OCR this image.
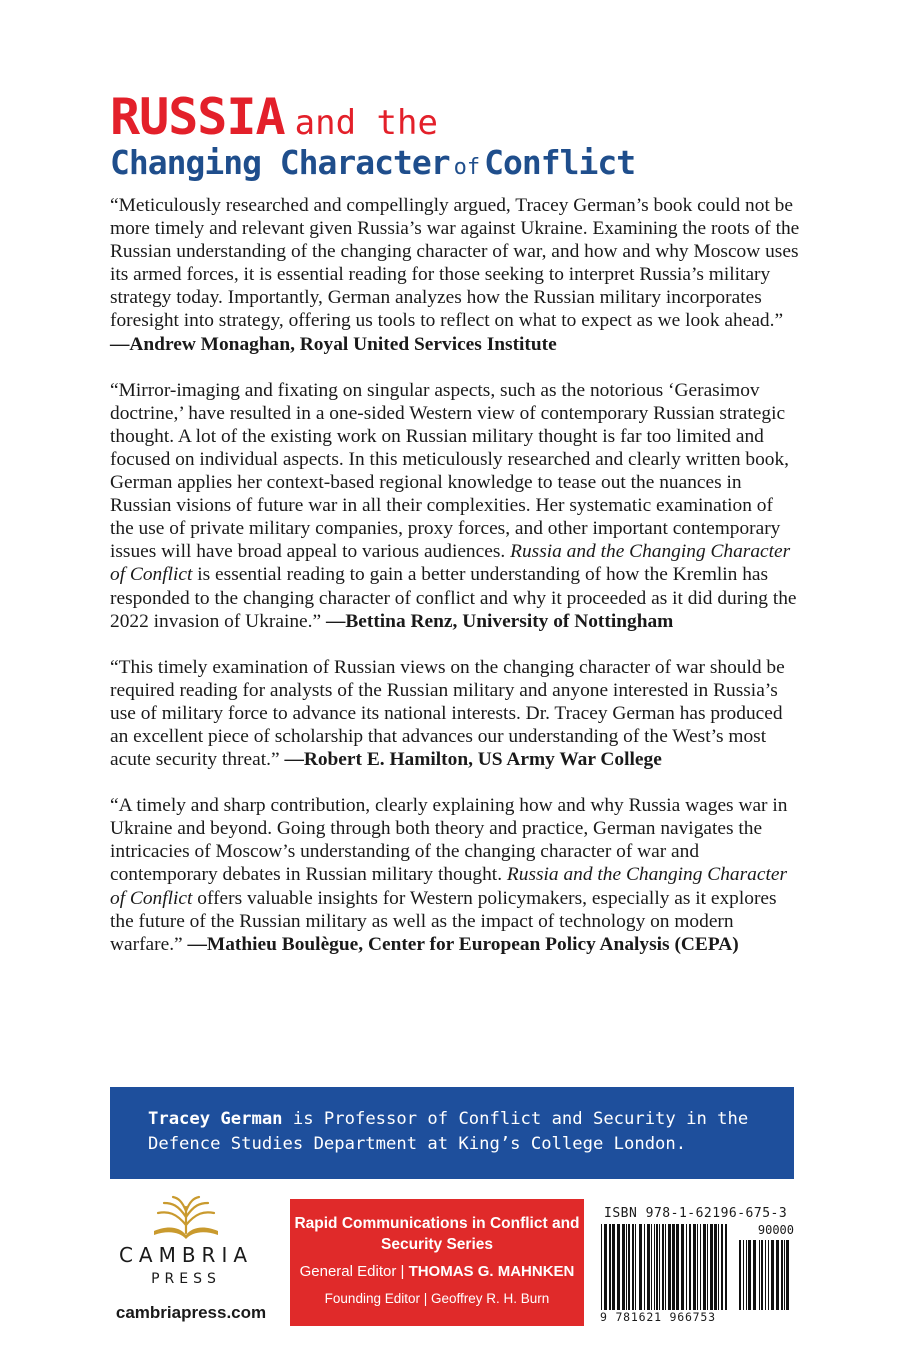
RUSSIA and the
Changing Character of Conflict

“Meticulously researched and compellingly argued, Tracey German’s book could not be more timely and relevant given Russia’s war against Ukraine. Examining the roots of the Russian understanding of the changing character of war, and how and why Moscow uses its armed forces, it is essential reading for those seeking to interpret Russia’s military strategy today. Importantly, German analyzes how the Russian military incorporates foresight into strategy, offering us tools to reflect on what to expect as we look ahead.” —Andrew Monaghan, Royal United Services Institute

“Mirror-imaging and fixating on singular aspects, such as the notorious ‘Gerasimov doctrine,’ have resulted in a one-sided Western view of contemporary Russian strategic thought. A lot of the existing work on Russian military thought is far too limited and focused on individual aspects. In this meticulously researched and clearly written book, German applies her context-based regional knowledge to tease out the nuances in Russian visions of future war in all their complexities. Her systematic examination of the use of private military companies, proxy forces, and other important contemporary issues will have broad appeal to various audiences. Russia and the Changing Character of Conflict is essential reading to gain a better understanding of how the Kremlin has responded to the changing character of conflict and why it proceeded as it did during the 2022 invasion of Ukraine.” —Bettina Renz, University of Nottingham

“This timely examination of Russian views on the changing character of war should be required reading for analysts of the Russian military and anyone interested in Russia’s use of military force to advance its national interests. Dr. Tracey German has produced an excellent piece of scholarship that advances our understanding of the West’s most acute security threat.” —Robert E. Hamilton, US Army War College

“A timely and sharp contribution, clearly explaining how and why Russia wages war in Ukraine and beyond. Going through both theory and practice, German navigates the intricacies of Moscow’s understanding of the changing character of war and contemporary debates in Russian military thought. Russia and the Changing Character of Conflict offers valuable insights for Western policymakers, especially as it explores the future of the Russian military as well as the impact of technology on modern warfare.” —Mathieu Boulègue, Center for European Policy Analysis (CEPA)

Tracey German is Professor of Conflict and Security in the Defence Studies Department at King’s College London.
CAMBRIA
PRESS
cambriapress.com
Rapid Communications in Conflict and Security Series
General Editor | THOMAS G. MAHNKEN
Founding Editor | Geoffrey R. H. Burn
ISBN 978-1-62196-675-3
90000
9 781621 966753
